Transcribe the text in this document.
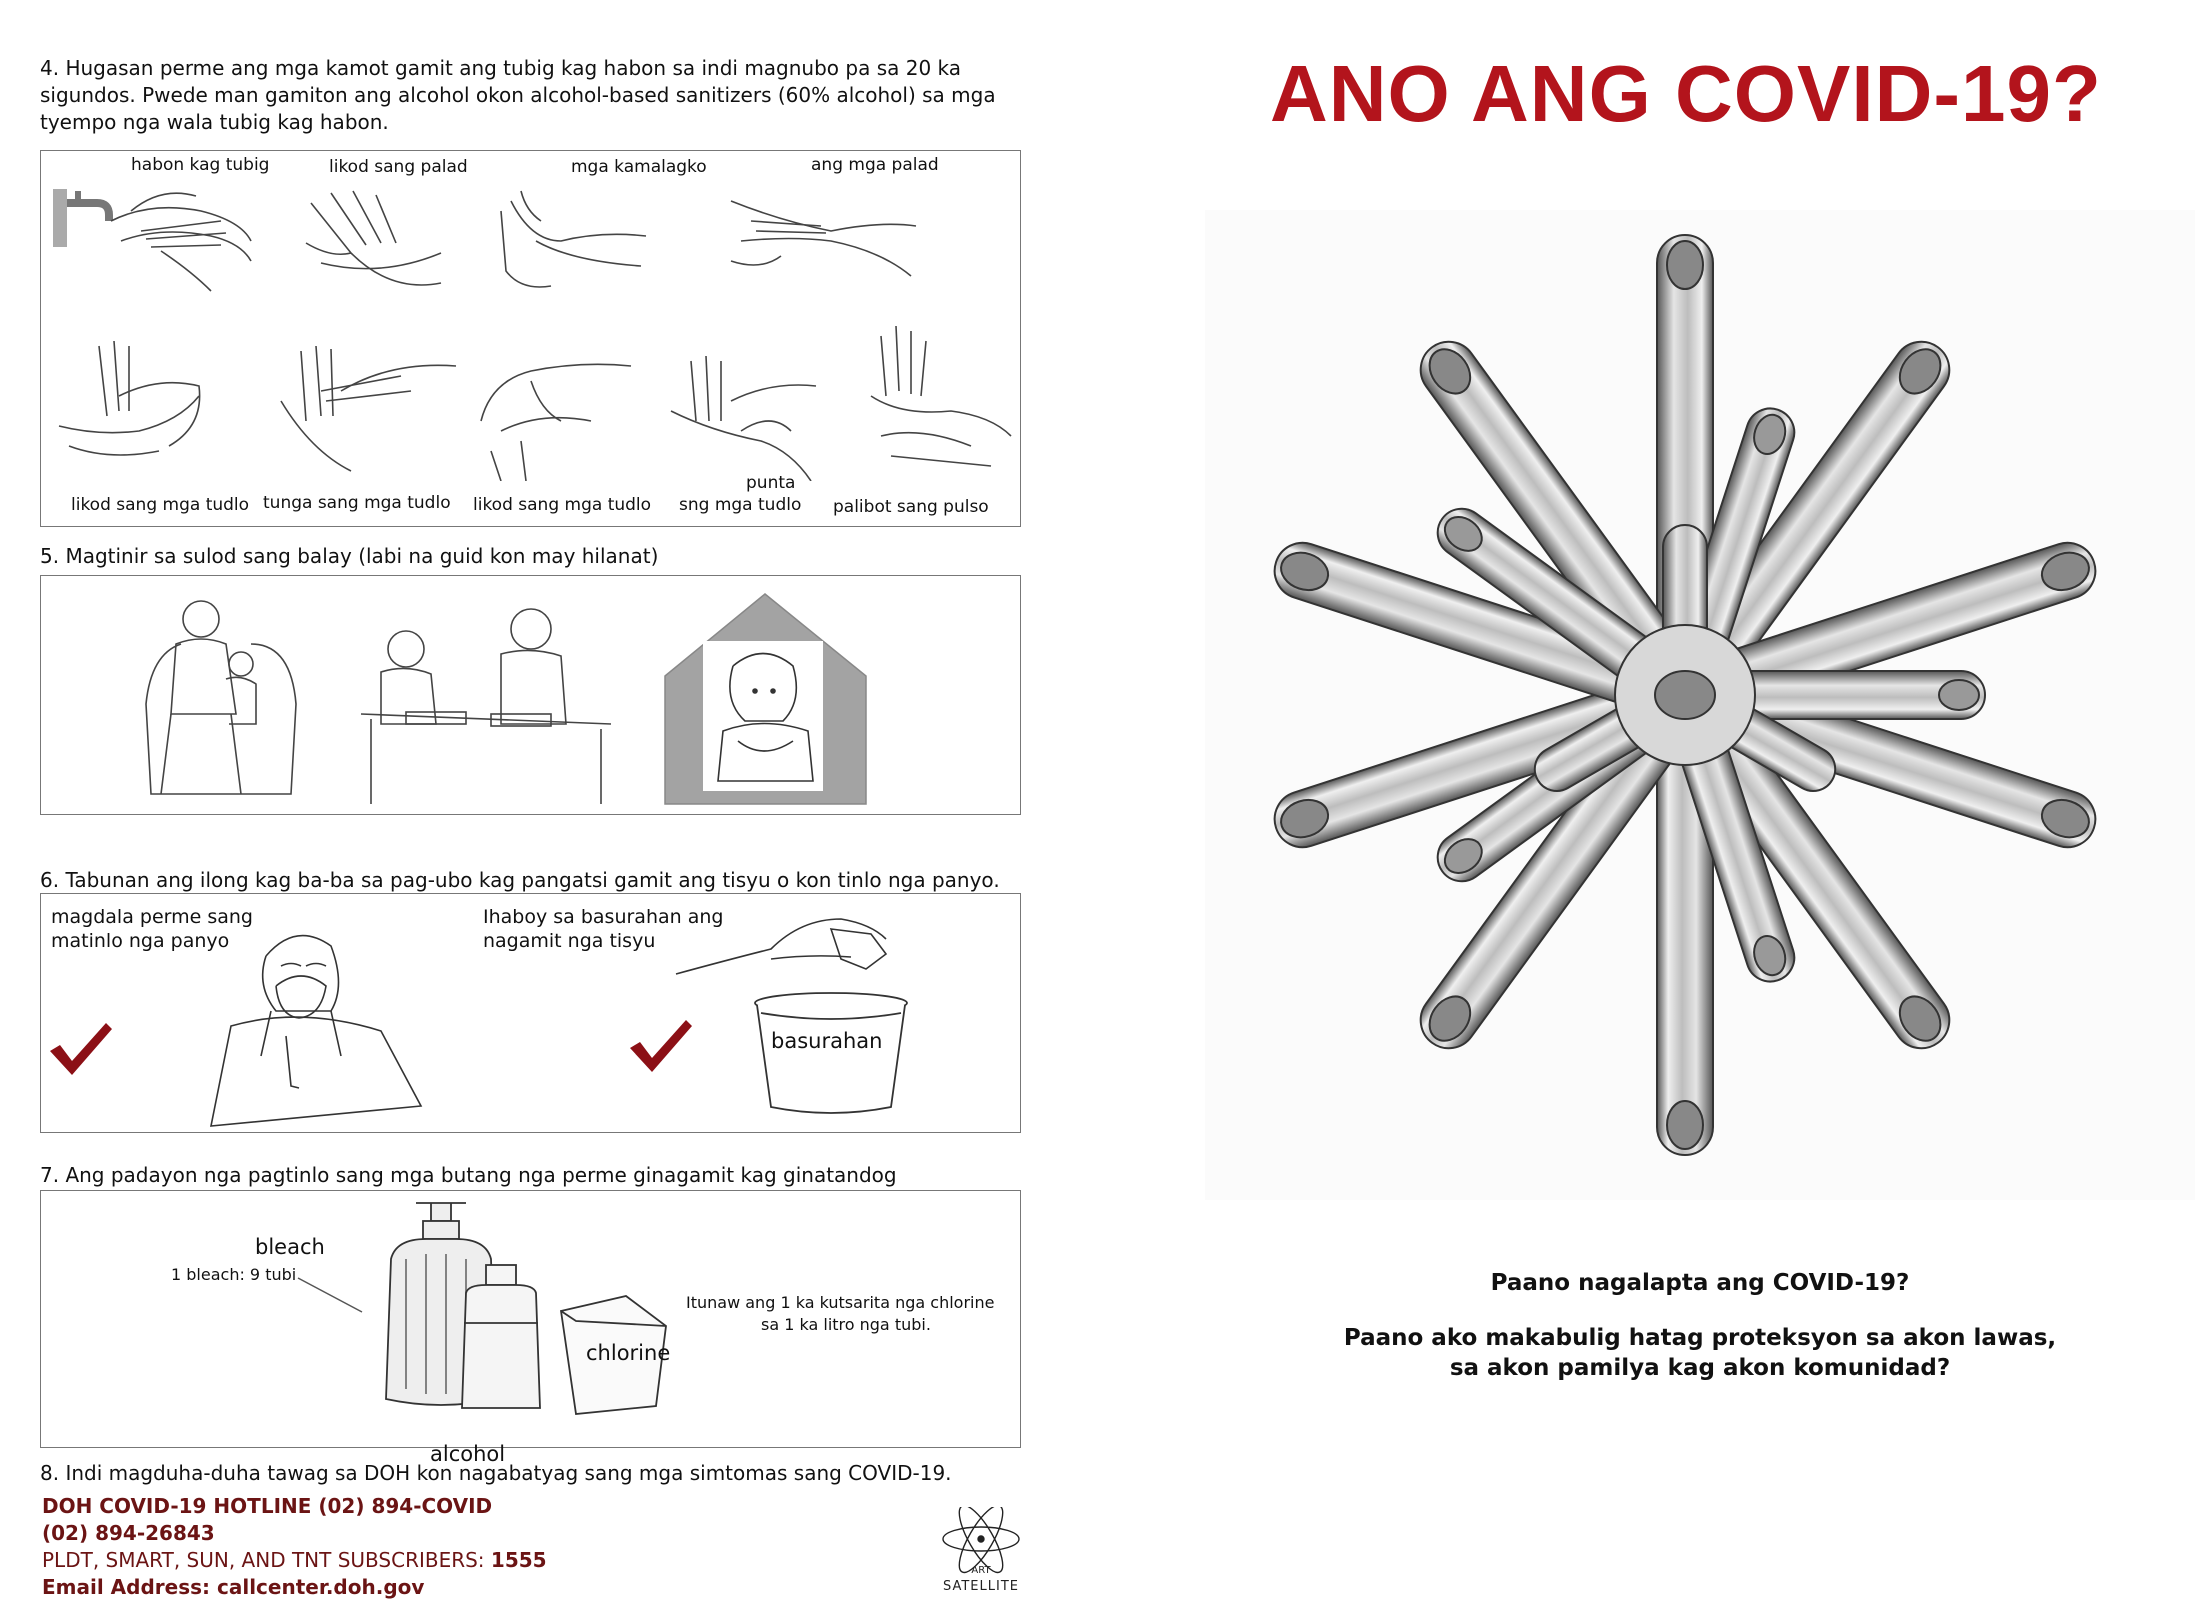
4. Hugasan perme ang mga kamot gamit ang tubig kag habon sa indi magnubo pa sa 20 ka sigundos. Pwede man gamiton ang alcohol okon alcohol-based sanitizers (60% alcohol) sa mga tyempo nga wala tubig kag habon.
habon kag tubig	likod sang palad	mga kamalagko	ang mga palad
likod sang mga tudlo tunga sang mga tudlo likod sang mga tudlo
punta
sng mga tudlo palibot sang pulso
5. Magtinir sa sulod sang balay (labi na guid kon may hilanat)
6. Tabunan ang ilong kag ba-ba sa pag-ubo kag pangatsi gamit ang tisyu o kon tinlo nga panyo.
magdala perme sang
matinlo nga panyo
Ihaboy sa basurahan ang
nagamit nga tisyu
basurahan
7. Ang padayon nga pagtinlo sang mga butang nga perme ginagamit kag ginatandog
bleach
1 bleach: 9 tubi
chlorine
Itunaw ang 1 ka kutsarita nga chlorine
sa 1 ka litro nga tubi.
alcohol
8. Indi magduha-duha tawag sa DOH kon nagabatyag sang mga simtomas sang COVID-19.
DOH COVID-19 HOTLINE (02) 894-COVID
(02) 894-26843
PLDT, SMART, SUN, AND TNT SUBSCRIBERS: 1555
Email Address: callcenter.doh.gov
ART
SATELLITE
ANO ANG COVID-19?
Paano nagalapta ang COVID-19?
Paano ako makabulig hatag proteksyon sa akon lawas,
sa akon pamilya kag akon komunidad?
